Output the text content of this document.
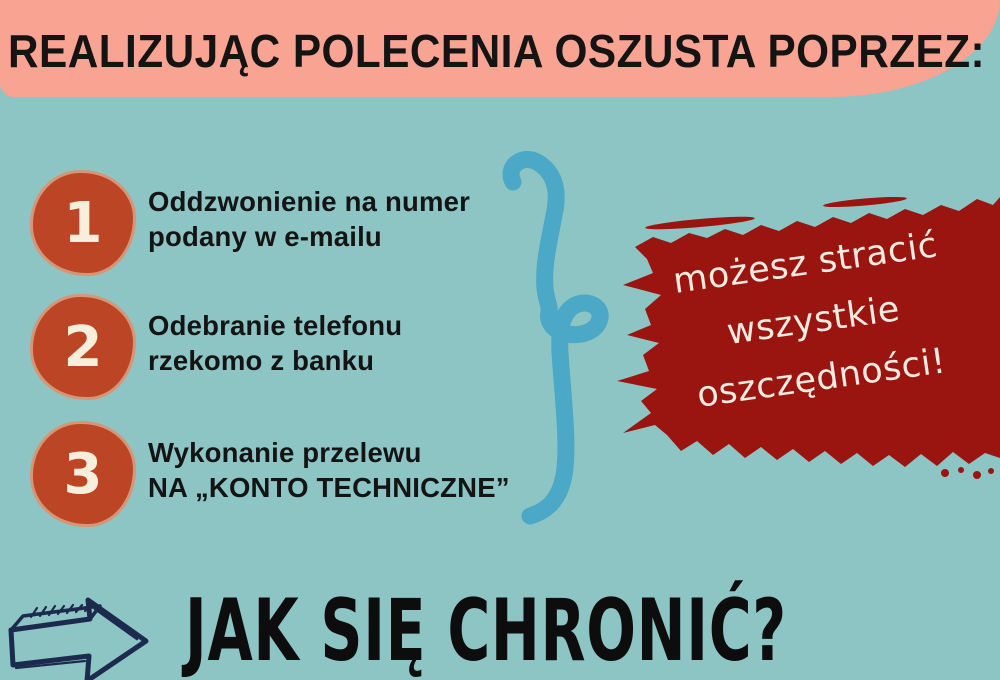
REALIZUJĄC POLECENIA OSZUSTA POPRZEZ:
1	Oddzwonienie na numer
podany w e-mailu
2	Odebranie telefonu
rzekomo z banku
3	Wykonanie przelewu
NA „KONTO TECHNICZNE”
możesz stracić
wszystkie
oszczędności!
JAK SIĘ CHRONIĆ?
